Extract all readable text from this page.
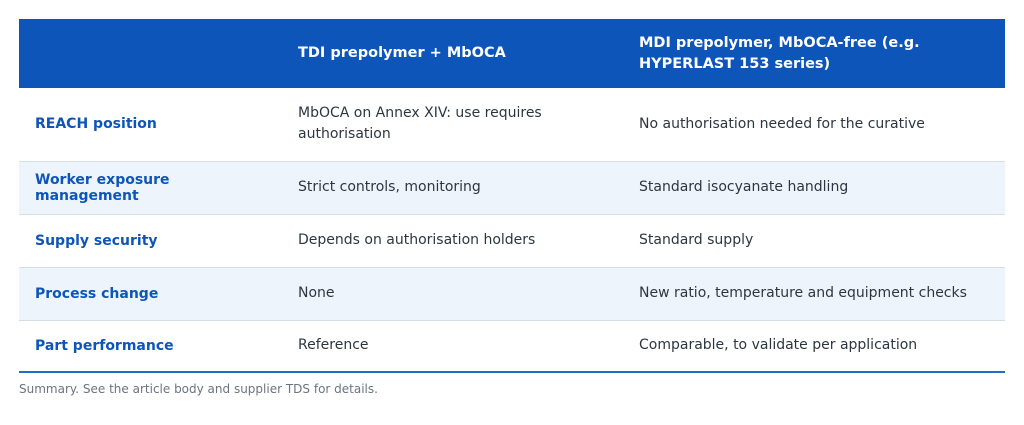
	TDI prepolymer + MbOCA	MDI prepolymer, MbOCA-free (e.g. HYPERLAST 153 series)
REACH position	MbOCA on Annex XIV: use requires authorisation	No authorisation needed for the curative
Worker exposure management	Strict controls, monitoring	Standard isocyanate handling
Supply security	Depends on authorisation holders	Standard supply
Process change	None	New ratio, temperature and equipment checks
Part performance	Reference	Comparable, to validate per application
Summary. See the article body and supplier TDS for details.
